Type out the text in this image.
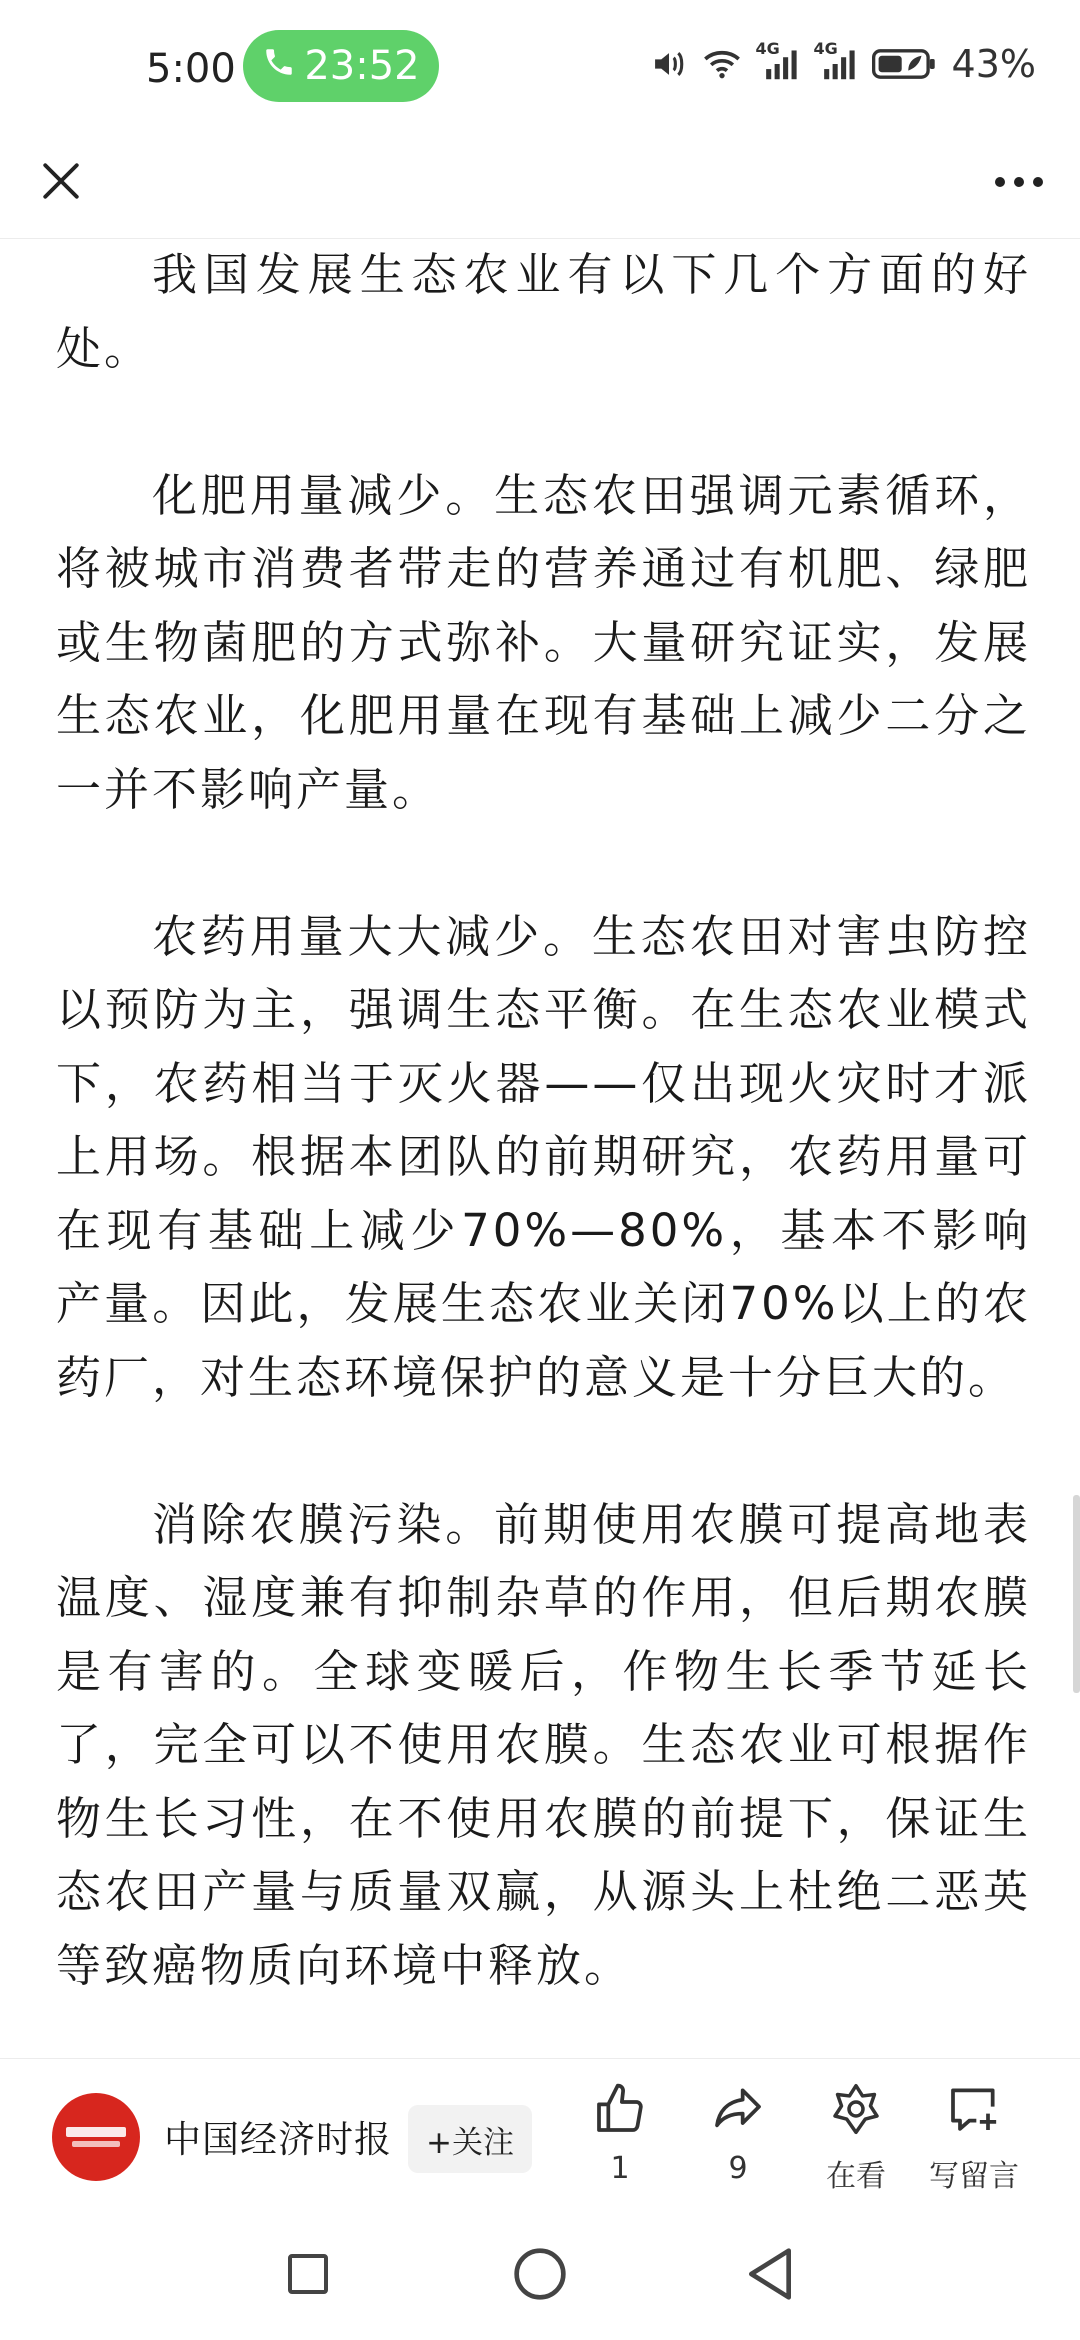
5:00 23:52	4G 4G	43%

我国发展生态农业有以下几个方面的好处。

化肥用量减少。生态农田强调元素循环，将被城市消费者带走的营养通过有机肥、绿肥或生物菌肥的方式弥补。大量研究证实，发展生态农业，化肥用量在现有基础上减少二分之一并不影响产量。

农药用量大大减少。生态农田对害虫防控以预防为主，强调生态平衡。在生态农业模式下，农药相当于灭火器——仅出现火灾时才派上用场。根据本团队的前期研究，农药用量可在现有基础上减少70%—80%，基本不影响产量。因此，发展生态农业关闭70%以上的农药厂，对生态环境保护的意义是十分巨大的。

消除农膜污染。前期使用农膜可提高地表温度、湿度兼有抑制杂草的作用，但后期农膜是有害的。全球变暖后，作物生长季节延长了，完全可以不使用农膜。生态农业可根据作物生长习性，在不使用农膜的前提下，保证生态农田产量与质量双赢，从源头上杜绝二恶英等致癌物质向环境中释放。

中国经济时报	+关注
1	9	在看 写留言
